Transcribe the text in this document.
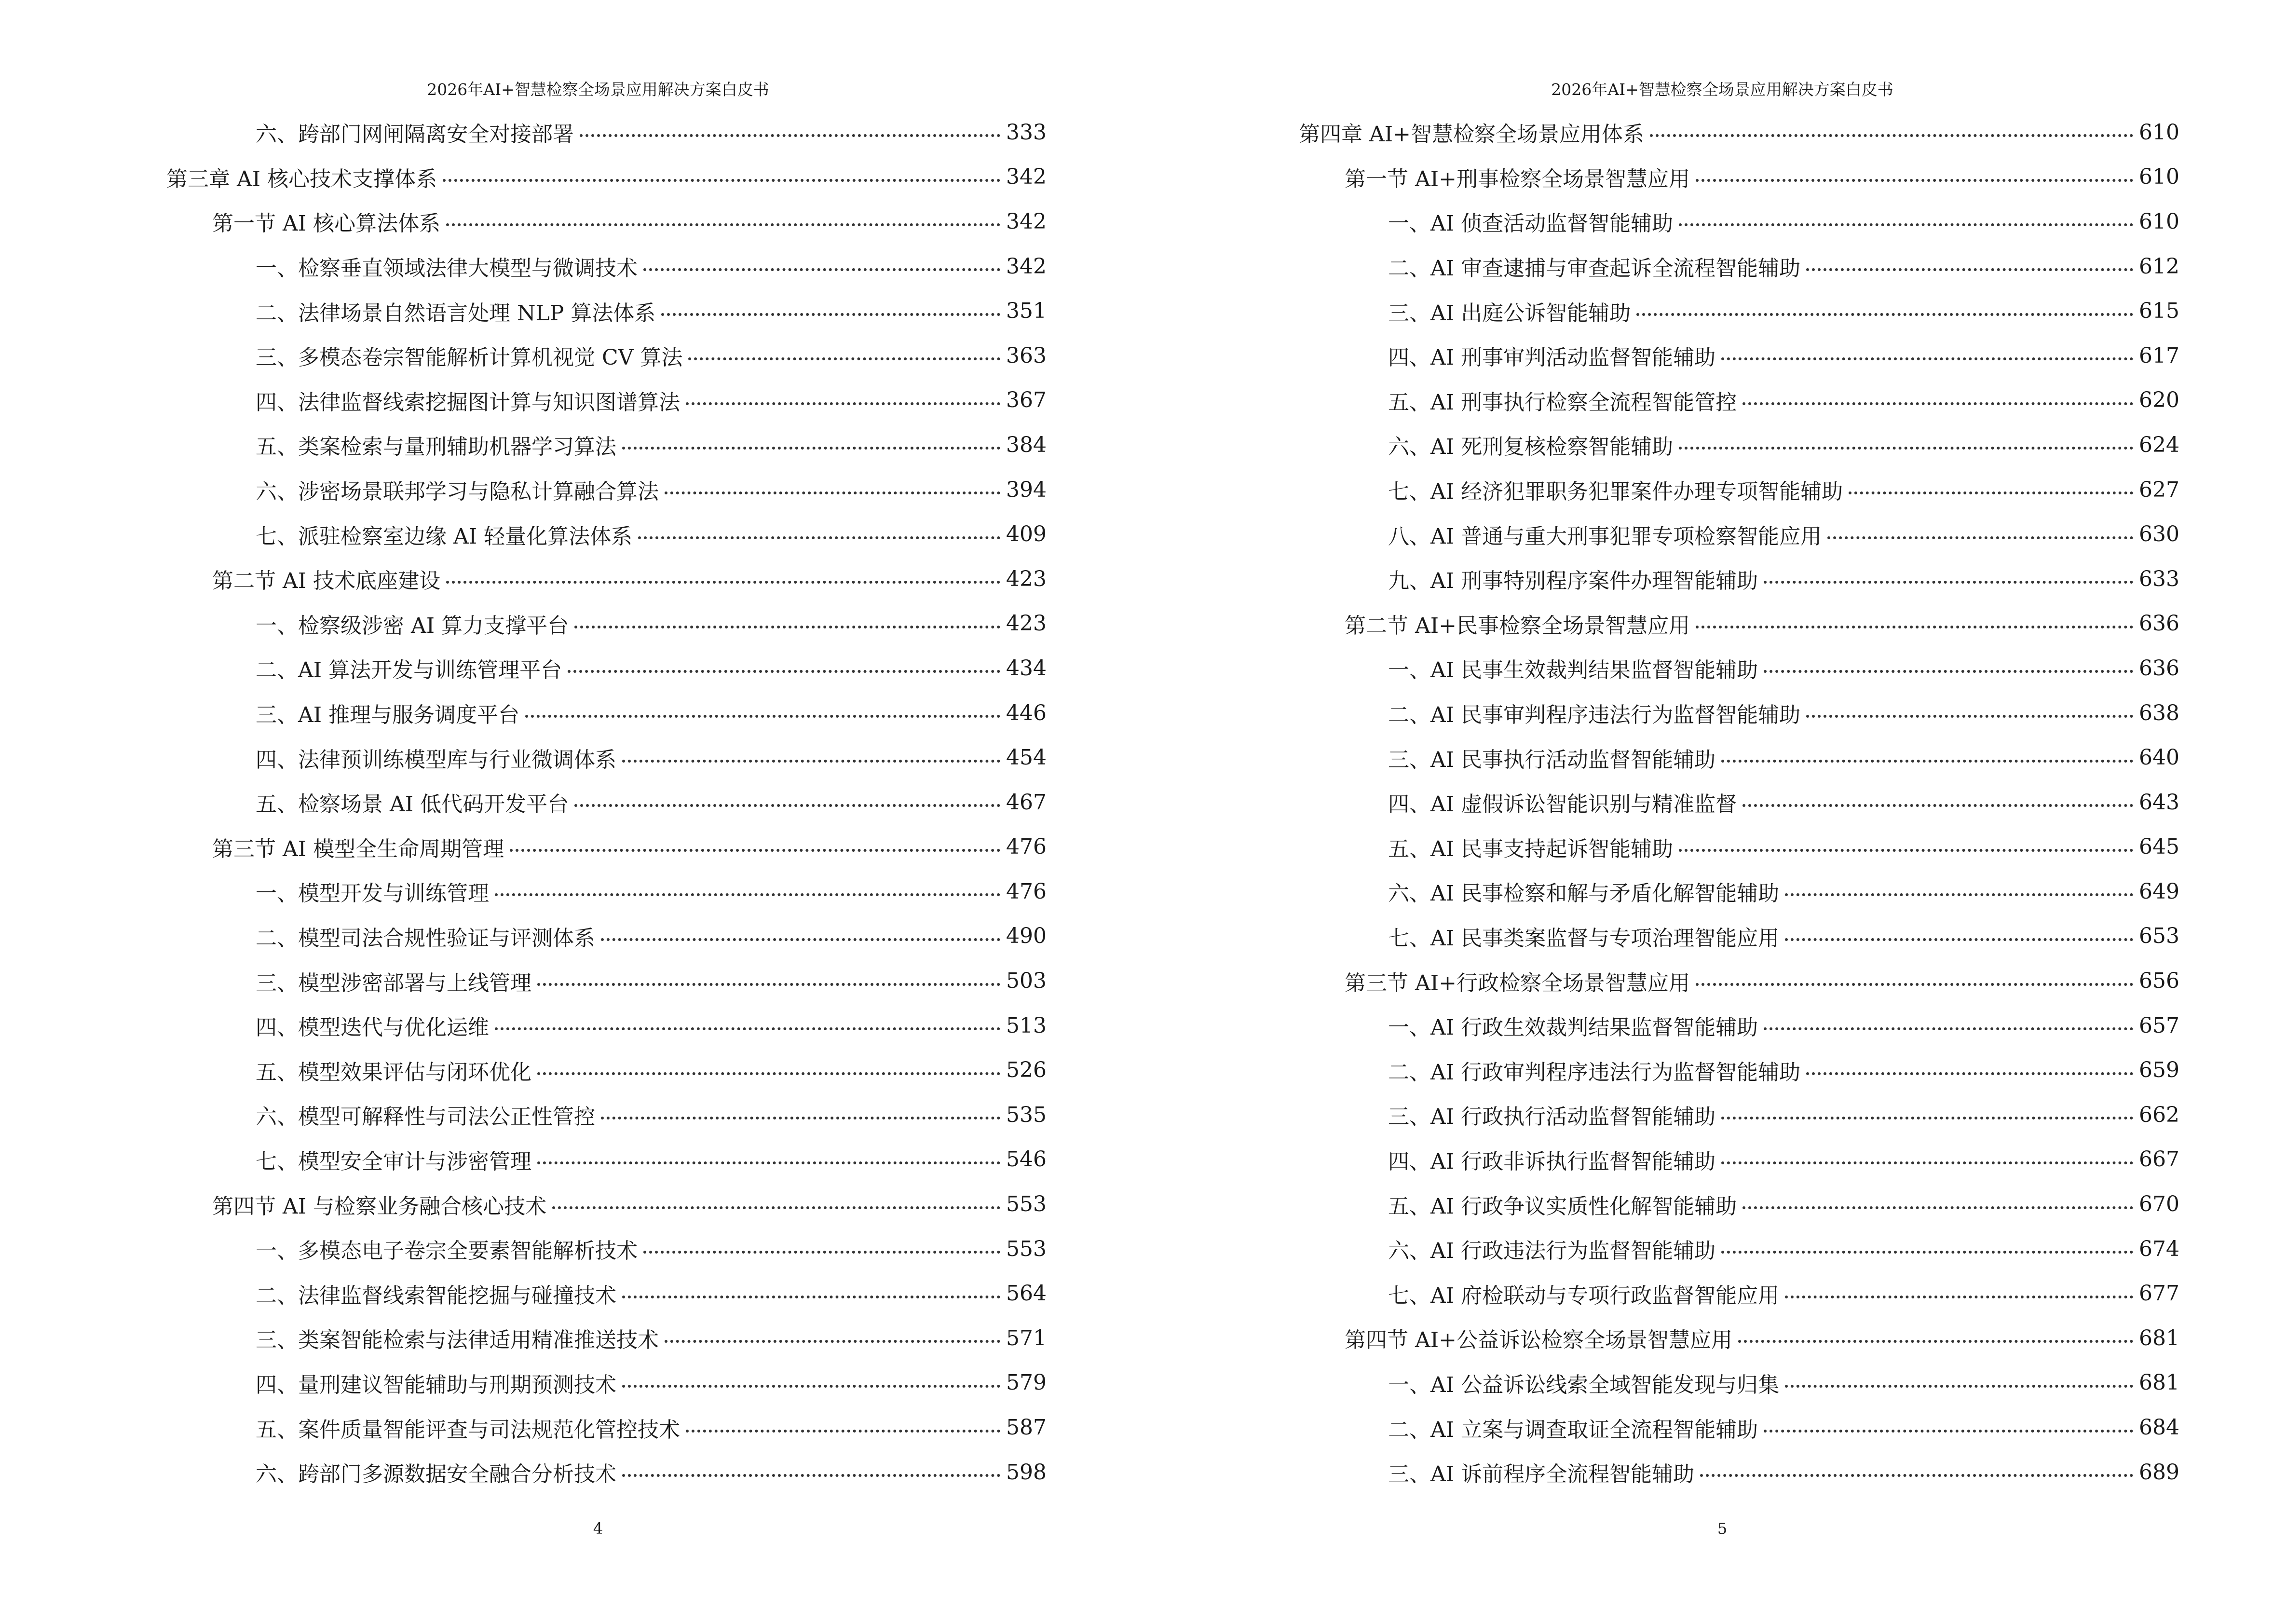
2026年AI+智慧检察全场景应用解决方案白皮书
六、跨部门网闸隔离安全对接部署	333
第三章 AI 核心技术支撑体系	342
第一节 AI 核心算法体系	342
一、检察垂直领域法律大模型与微调技术	342
二、法律场景自然语言处理 NLP 算法体系	351
三、多模态卷宗智能解析计算机视觉 CV 算法	363
四、法律监督线索挖掘图计算与知识图谱算法	367
五、类案检索与量刑辅助机器学习算法	384
六、涉密场景联邦学习与隐私计算融合算法	394
七、派驻检察室边缘 AI 轻量化算法体系	409
第二节 AI 技术底座建设	423
一、检察级涉密 AI 算力支撑平台	423
二、AI 算法开发与训练管理平台	434
三、AI 推理与服务调度平台	446
四、法律预训练模型库与行业微调体系	454
五、检察场景 AI 低代码开发平台	467
第三节 AI 模型全生命周期管理	476
一、模型开发与训练管理	476
二、模型司法合规性验证与评测体系	490
三、模型涉密部署与上线管理	503
四、模型迭代与优化运维	513
五、模型效果评估与闭环优化	526
六、模型可解释性与司法公正性管控	535
七、模型安全审计与涉密管理	546
第四节 AI 与检察业务融合核心技术	553
一、多模态电子卷宗全要素智能解析技术	553
二、法律监督线索智能挖掘与碰撞技术	564
三、类案智能检索与法律适用精准推送技术	571
四、量刑建议智能辅助与刑期预测技术	579
五、案件质量智能评查与司法规范化管控技术	587
六、跨部门多源数据安全融合分析技术	598
4
2026年AI+智慧检察全场景应用解决方案白皮书
第四章 AI+智慧检察全场景应用体系	610
第一节 AI+刑事检察全场景智慧应用	610
一、AI 侦查活动监督智能辅助	610
二、AI 审查逮捕与审查起诉全流程智能辅助	612
三、AI 出庭公诉智能辅助	615
四、AI 刑事审判活动监督智能辅助	617
五、AI 刑事执行检察全流程智能管控	620
六、AI 死刑复核检察智能辅助	624
七、AI 经济犯罪职务犯罪案件办理专项智能辅助	627
八、AI 普通与重大刑事犯罪专项检察智能应用	630
九、AI 刑事特别程序案件办理智能辅助	633
第二节 AI+民事检察全场景智慧应用	636
一、AI 民事生效裁判结果监督智能辅助	636
二、AI 民事审判程序违法行为监督智能辅助	638
三、AI 民事执行活动监督智能辅助	640
四、AI 虚假诉讼智能识别与精准监督	643
五、AI 民事支持起诉智能辅助	645
六、AI 民事检察和解与矛盾化解智能辅助	649
七、AI 民事类案监督与专项治理智能应用	653
第三节 AI+行政检察全场景智慧应用	656
一、AI 行政生效裁判结果监督智能辅助	657
二、AI 行政审判程序违法行为监督智能辅助	659
三、AI 行政执行活动监督智能辅助	662
四、AI 行政非诉执行监督智能辅助	667
五、AI 行政争议实质性化解智能辅助	670
六、AI 行政违法行为监督智能辅助	674
七、AI 府检联动与专项行政监督智能应用	677
第四节 AI+公益诉讼检察全场景智慧应用	681
一、AI 公益诉讼线索全域智能发现与归集	681
二、AI 立案与调查取证全流程智能辅助	684
三、AI 诉前程序全流程智能辅助	689
5
